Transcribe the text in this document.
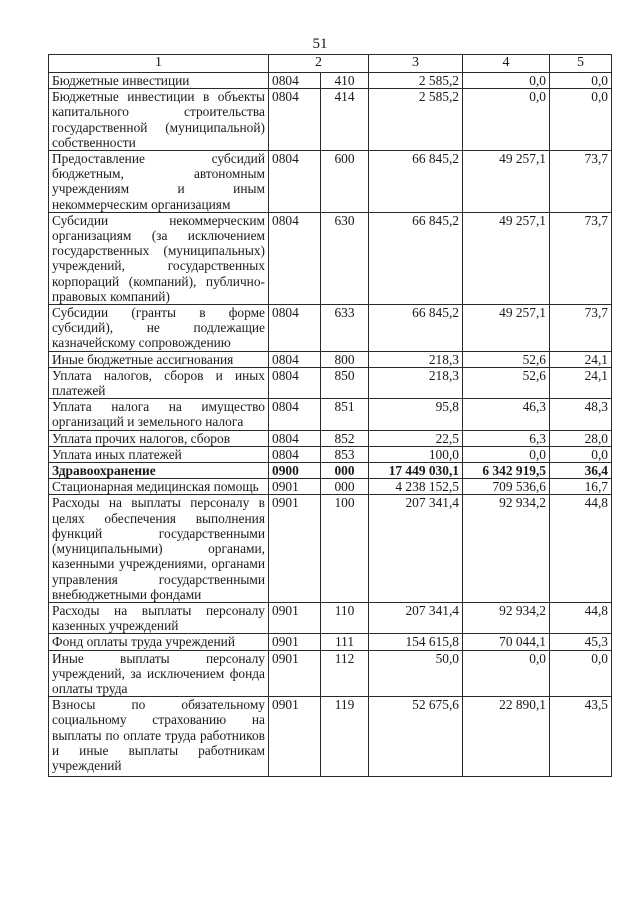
51
1	2		3	4	5
Бюджетные инвестиции	0804	410	2 585,2	0,0	0,0
Бюджетные инвестиции в объекты капитального строительства государственной (муниципальной) собственности	0804	414	2 585,2	0,0	0,0
Предоставление субсидий бюджетным, автономным учреждениям и иным некоммерческим организациям	0804	600	66 845,2	49 257,1	73,7
Субсидии некоммерческим организациям (за исключением государственных (муниципальных) учреждений, государственных корпораций (компаний), публично-правовых компаний)	0804	630	66 845,2	49 257,1	73,7
Субсидии (гранты в форме субсидий), не подлежащие казначейскому сопровождению	0804	633	66 845,2	49 257,1	73,7
Иные бюджетные ассигнования	0804	800	218,3	52,6	24,1
Уплата налогов, сборов и иных платежей	0804	850	218,3	52,6	24,1
Уплата налога на имущество организаций и земельного налога	0804	851	95,8	46,3	48,3
Уплата прочих налогов, сборов	0804	852	22,5	6,3	28,0
Уплата иных платежей	0804	853	100,0	0,0	0,0
Здравоохранение	0900	000	17 449 030,1	6 342 919,5	36,4
Стационарная медицинская помощь	0901	000	4 238 152,5	709 536,6	16,7
Расходы на выплаты персоналу в целях обеспечения выполнения функций государственными (муниципальными) органами, казенными учреждениями, органами управления государственными внебюджетными фондами	0901	100	207 341,4	92 934,2	44,8
Расходы на выплаты персоналу казенных учреждений	0901	110	207 341,4	92 934,2	44,8
Фонд оплаты труда учреждений	0901	111	154 615,8	70 044,1	45,3
Иные выплаты персоналу учреждений, за исключением фонда оплаты труда	0901	112	50,0	0,0	0,0
Взносы по обязательному социальному страхованию на выплаты по оплате труда работников и иные выплаты работникам учреждений	0901	119	52 675,6	22 890,1	43,5
